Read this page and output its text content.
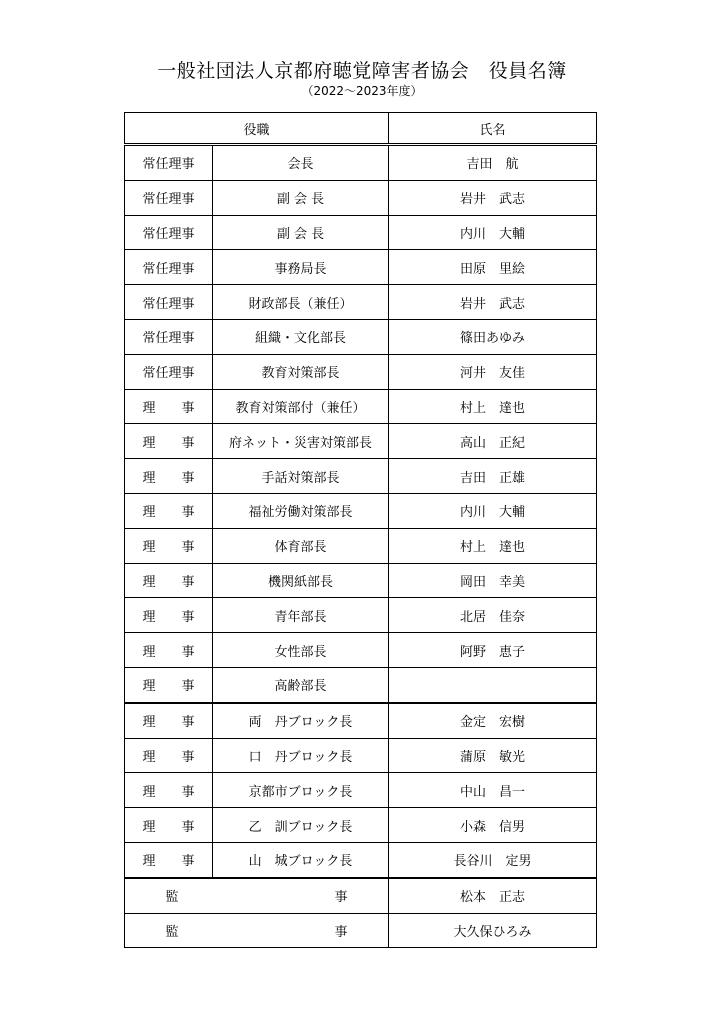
一般社団法人京都府聴覚障害者協会　役員名簿
（2022～2023年度）
役職		氏名
常任理事	会長	吉田　航
常任理事	副 会 長	岩井　武志
常任理事	副 会 長	内川　大輔
常任理事	事務局長	田原　里絵
常任理事	財政部長（兼任）	岩井　武志
常任理事	組織・文化部長	篠田あゆみ
常任理事	教育対策部長	河井　友佳
理　　事	教育対策部付（兼任）	村上　達也
理　　事	府ネット・災害対策部長	高山　正紀
理　　事	手話対策部長	吉田　正雄
理　　事	福祉労働対策部長	内川　大輔
理　　事	体育部長	村上　達也
理　　事	機関紙部長	岡田　幸美
理　　事	青年部長	北居　佳奈
理　　事	女性部長	阿野　恵子
理　　事	高齢部長	
理　　事	両　丹ブロック長	金定　宏樹
理　　事	口　丹ブロック長	蒲原　敏光
理　　事	京都市ブロック長	中山　昌一
理　　事	乙　訓ブロック長	小森　信男
理　　事	山　城ブロック長	長谷川　定男
監　　　　　　　　　　　　事		松本　正志
監　　　　　　　　　　　　事		大久保ひろみ
